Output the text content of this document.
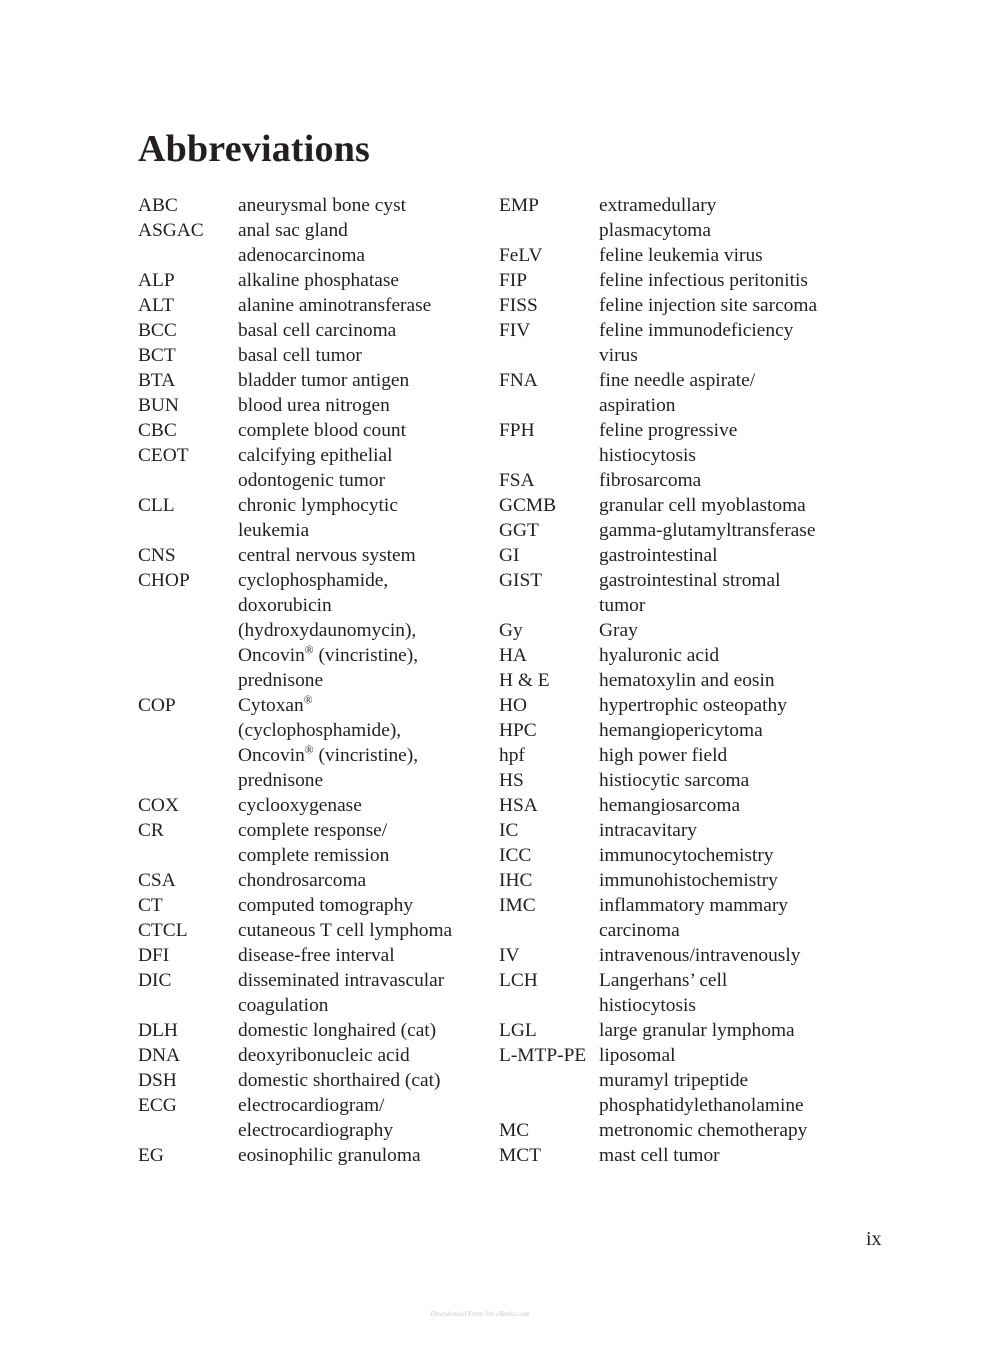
Abbreviations
ABC	aneurysmal bone cyst
ASGAC	anal sac gland
adenocarcinoma
ALP	alkaline phosphatase
ALT	alanine aminotransferase
BCC	basal cell carcinoma
BCT	basal cell tumor
BTA	bladder tumor antigen
BUN	blood urea nitrogen
CBC	complete blood count
CEOT	calcifying epithelial
odontogenic tumor
CLL	chronic lymphocytic
leukemia
CNS	central nervous system
CHOP	cyclophosphamide,
doxorubicin
(hydroxydaunomycin),
Oncovin® (vincristine),
prednisone
COP	Cytoxan®
(cyclophosphamide),
Oncovin® (vincristine),
prednisone
COX	cyclooxygenase
CR	complete response/
complete remission
CSA	chondrosarcoma
CT	computed tomography
CTCL	cutaneous T cell lymphoma
DFI	disease-free interval
DIC	disseminated intravascular
coagulation
DLH	domestic longhaired (cat)
DNA	deoxyribonucleic acid
DSH	domestic shorthaired (cat)
ECG	electrocardiogram/
electrocardiography
EG	eosinophilic granuloma
EMP	extramedullary
plasmacytoma
FeLV	feline leukemia virus
FIP	feline infectious peritonitis
FISS	feline injection site sarcoma
FIV	feline immunodeficiency
virus
FNA	fine needle aspirate/
aspiration
FPH	feline progressive
histiocytosis
FSA	fibrosarcoma
GCMB	granular cell myoblastoma
GGT	gamma-glutamyltransferase
GI	gastrointestinal
GIST	gastrointestinal stromal
tumor
Gy	Gray
HA	hyaluronic acid
H & E	hematoxylin and eosin
HO	hypertrophic osteopathy
HPC	hemangiopericytoma
hpf	high power field
HS	histiocytic sarcoma
HSA	hemangiosarcoma
IC	intracavitary
ICC	immunocytochemistry
IHC	immunohistochemistry
IMC	inflammatory mammary
carcinoma
IV	intravenous/intravenously
LCH	Langerhans’ cell
histiocytosis
LGL	large granular lymphoma
L-MTP-PE liposomal
muramyl tripeptide
phosphatidylethanolamine
MC	metronomic chemotherapy
MCT	mast cell tumor
ix
Downloaded From Vet-eBooks.com
